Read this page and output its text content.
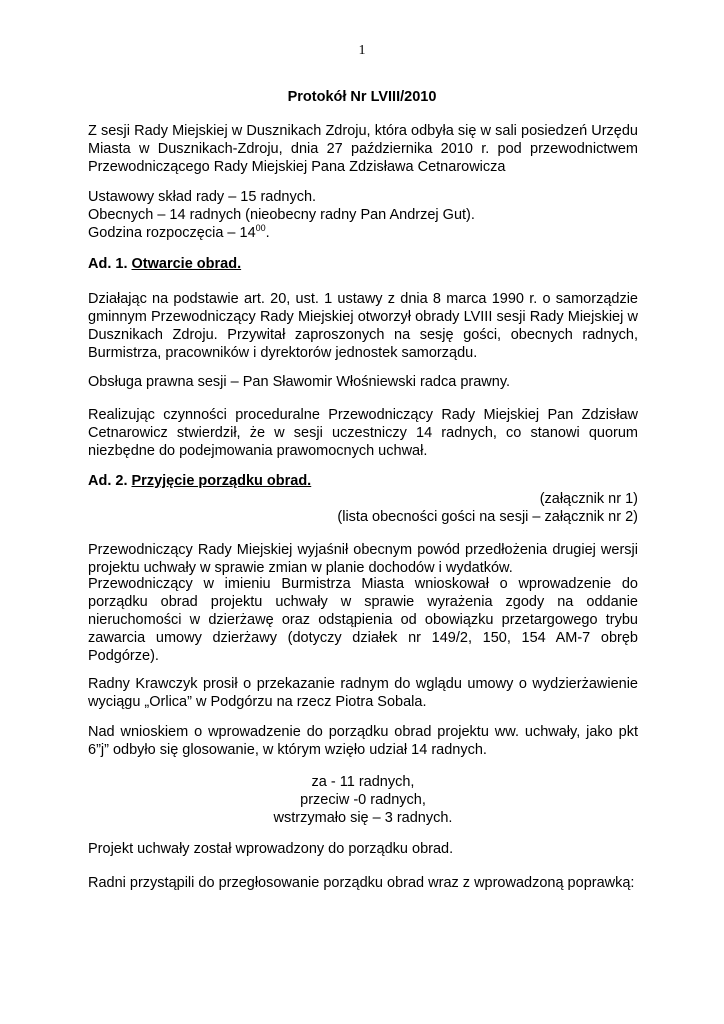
1
Protokół Nr LVIII/2010

Z sesji Rady Miejskiej w Dusznikach Zdroju, która odbyła się w sali posiedzeń Urzędu Miasta w Dusznikach-Zdroju, dnia 27 października 2010 r. pod przewodnictwem Przewodniczącego Rady Miejskiej Pana Zdzisława Cetnarowicza

Ustawowy skład rady – 15 radnych.
Obecnych – 14 radnych (nieobecny radny Pan Andrzej Gut).
Godzina rozpoczęcia – $14^{00}$.

Ad. 1. Otwarcie obrad.

Działając na podstawie art. 20, ust. 1 ustawy z dnia 8 marca 1990 r. o samorządzie gminnym Przewodniczący Rady Miejskiej otworzył obrady LVIII sesji Rady Miejskiej w Dusznikach Zdroju. Przywitał zaproszonych na sesję gości, obecnych radnych, Burmistrza, pracowników i dyrektorów jednostek samorządu.

Obsługa prawna sesji – Pan Sławomir Włośniewski radca prawny.

Realizując czynności proceduralne Przewodniczący Rady Miejskiej Pan Zdzisław Cetnarowicz stwierdził, że w sesji uczestniczy 14 radnych, co stanowi quorum niezbędne do podejmowania prawomocnych uchwał.

Ad. 2. Przyjęcie porządku obrad.

(załącznik nr 1)
(lista obecności gości na sesji – załącznik nr 2)

Przewodniczący Rady Miejskiej wyjaśnił obecnym powód przedłożenia drugiej wersji projektu uchwały w sprawie zmian w planie dochodów i wydatków.

Przewodniczący w imieniu Burmistrza Miasta wnioskował o wprowadzenie do porządku obrad projektu uchwały w sprawie wyrażenia zgody na oddanie nieruchomości w dzierżawę oraz odstąpienia od obowiązku przetargowego trybu zawarcia umowy dzierżawy (dotyczy działek nr 149/2, 150, 154 AM-7 obręb Podgórze).

Radny Krawczyk prosił o przekazanie radnym do wglądu umowy o wydzierżawienie wyciągu „Orlica” w Podgórzu na rzecz Piotra Sobala.

Nad wnioskiem o wprowadzenie do porządku obrad projektu ww. uchwały, jako pkt 6”j” odbyło się glosowanie, w którym wzięło udział 14 radnych.

za - 11 radnych,
przeciw -0 radnych,
wstrzymało się – 3 radnych.

Projekt uchwały został wprowadzony do porządku obrad.

Radni przystąpili do przegłosowanie porządku obrad wraz z wprowadzoną poprawką:
